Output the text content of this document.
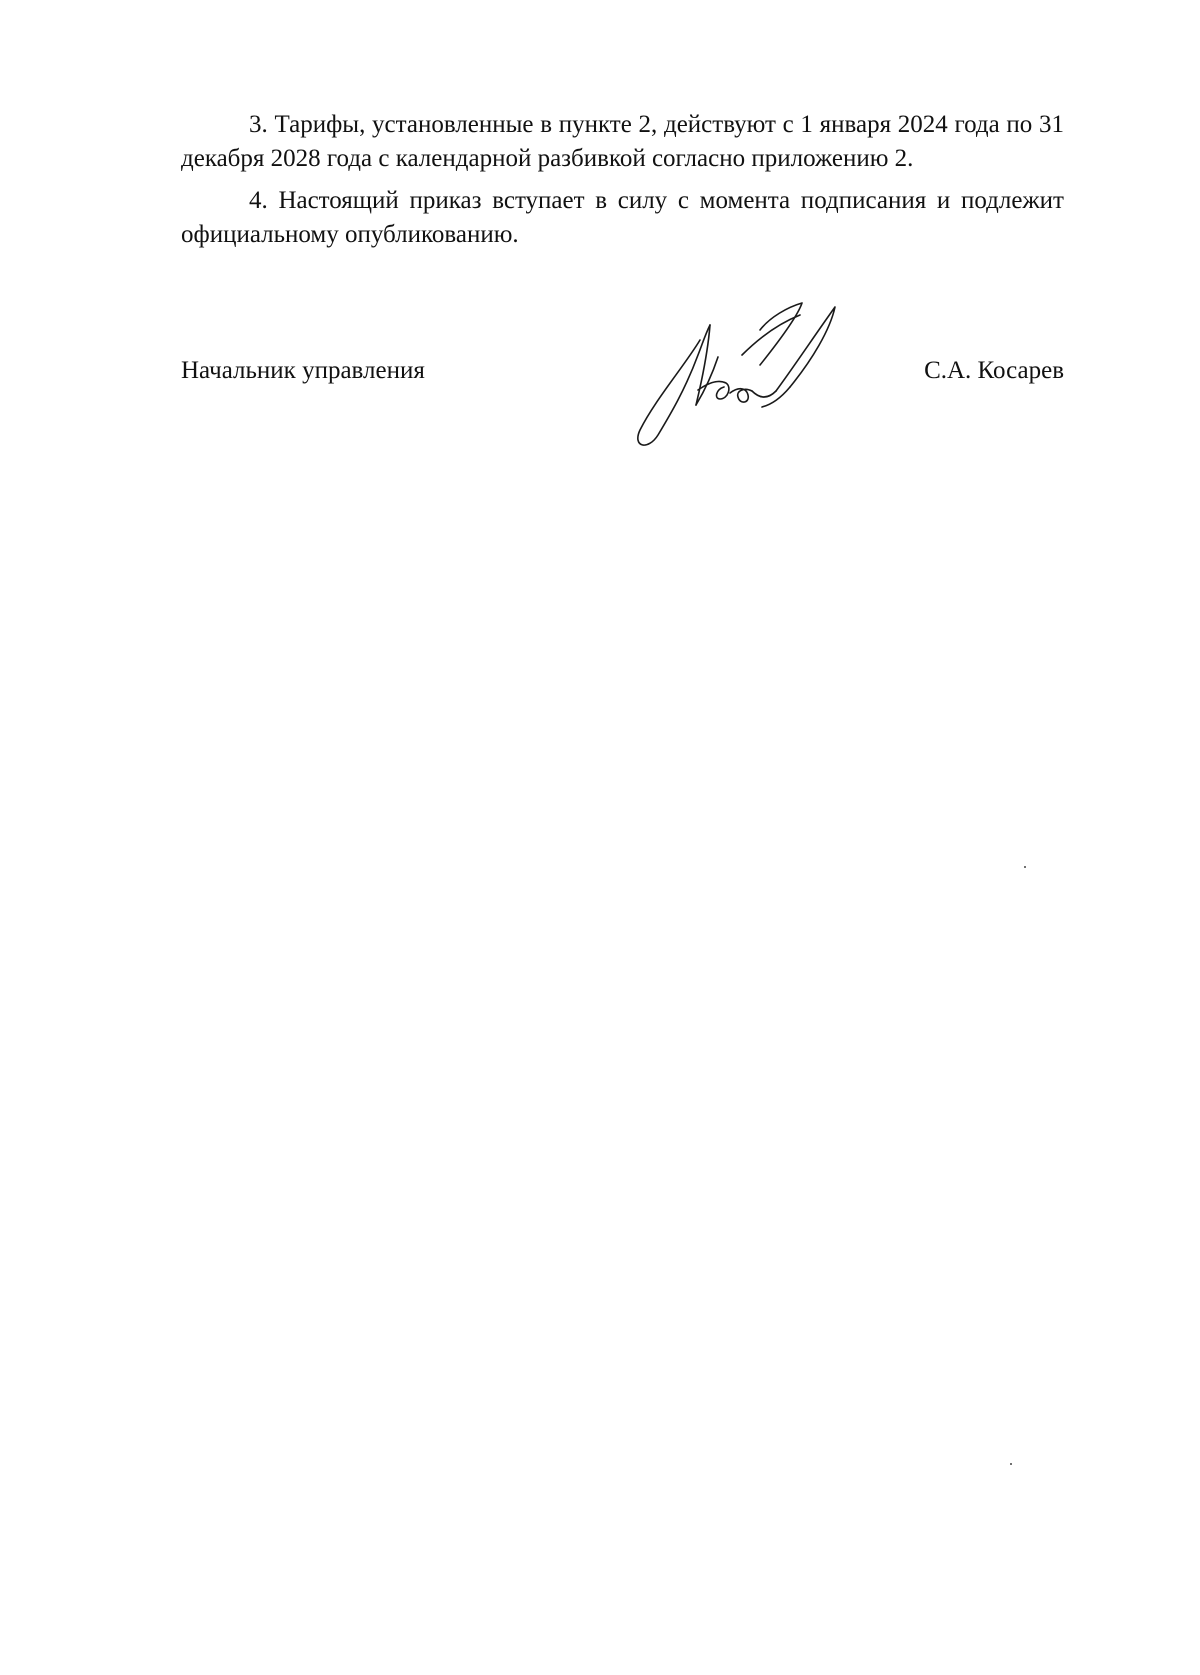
3. Тарифы, установленные в пункте 2, действуют с 1 января 2024 года по 31 декабря 2028 года с календарной разбивкой согласно приложению 2.

4. Настоящий приказ вступает в силу с момента подписания и подлежит официальному опубликованию.

Начальник управления	С.А. Косарев
